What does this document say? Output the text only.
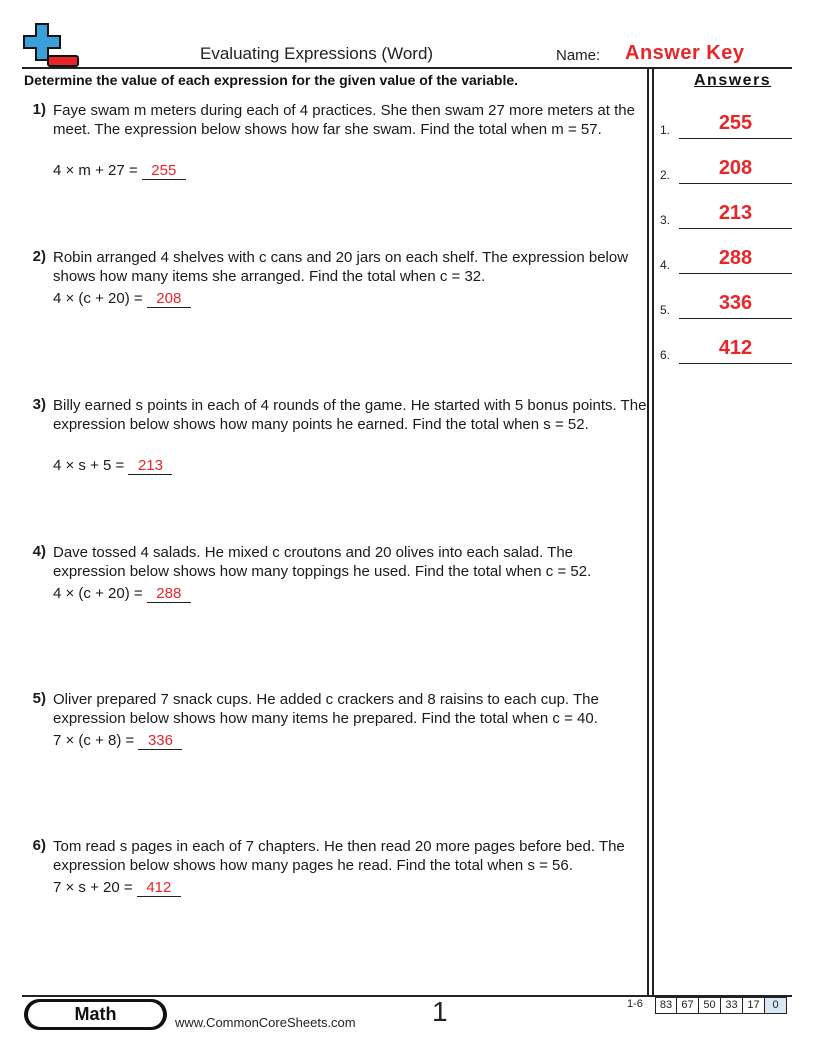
Evaluating Expressions (Word)	Name: Answer Key
Determine the value of each expression for the given value of the variable.	Answers
1) Faye swam m meters during each of 4 practices. She then swam 27 more meters at the meet. The expression below shows how far she swam. Find the total when m = 57.
4 × m + 27 = 255
2) Robin arranged 4 shelves with c cans and 20 jars on each shelf. The expression below shows how many items she arranged. Find the total when c = 32.
4 × (c + 20) = 208
3) Billy earned s points in each of 4 rounds of the game. He started with 5 bonus points. The expression below shows how many points he earned. Find the total when s = 52.
4 × s + 5 = 213
4) Dave tossed 4 salads. He mixed c croutons and 20 olives into each salad. The expression below shows how many toppings he used. Find the total when c = 52.
4 × (c + 20) = 288
5) Oliver prepared 7 snack cups. He added c crackers and 8 raisins to each cup. The expression below shows how many items he prepared. Find the total when c = 40.
7 × (c + 8) = 336
6) Tom read s pages in each of 7 chapters. He then read 20 more pages before bed. The expression below shows how many pages he read. Find the total when s = 56.
7 × s + 20 = 412
1.	255
2.	208
3.	213
4.	288
5.	336
6.	412
Math	www.CommonCoreSheets.com	1	1-6	83 67 50 33 17	0
